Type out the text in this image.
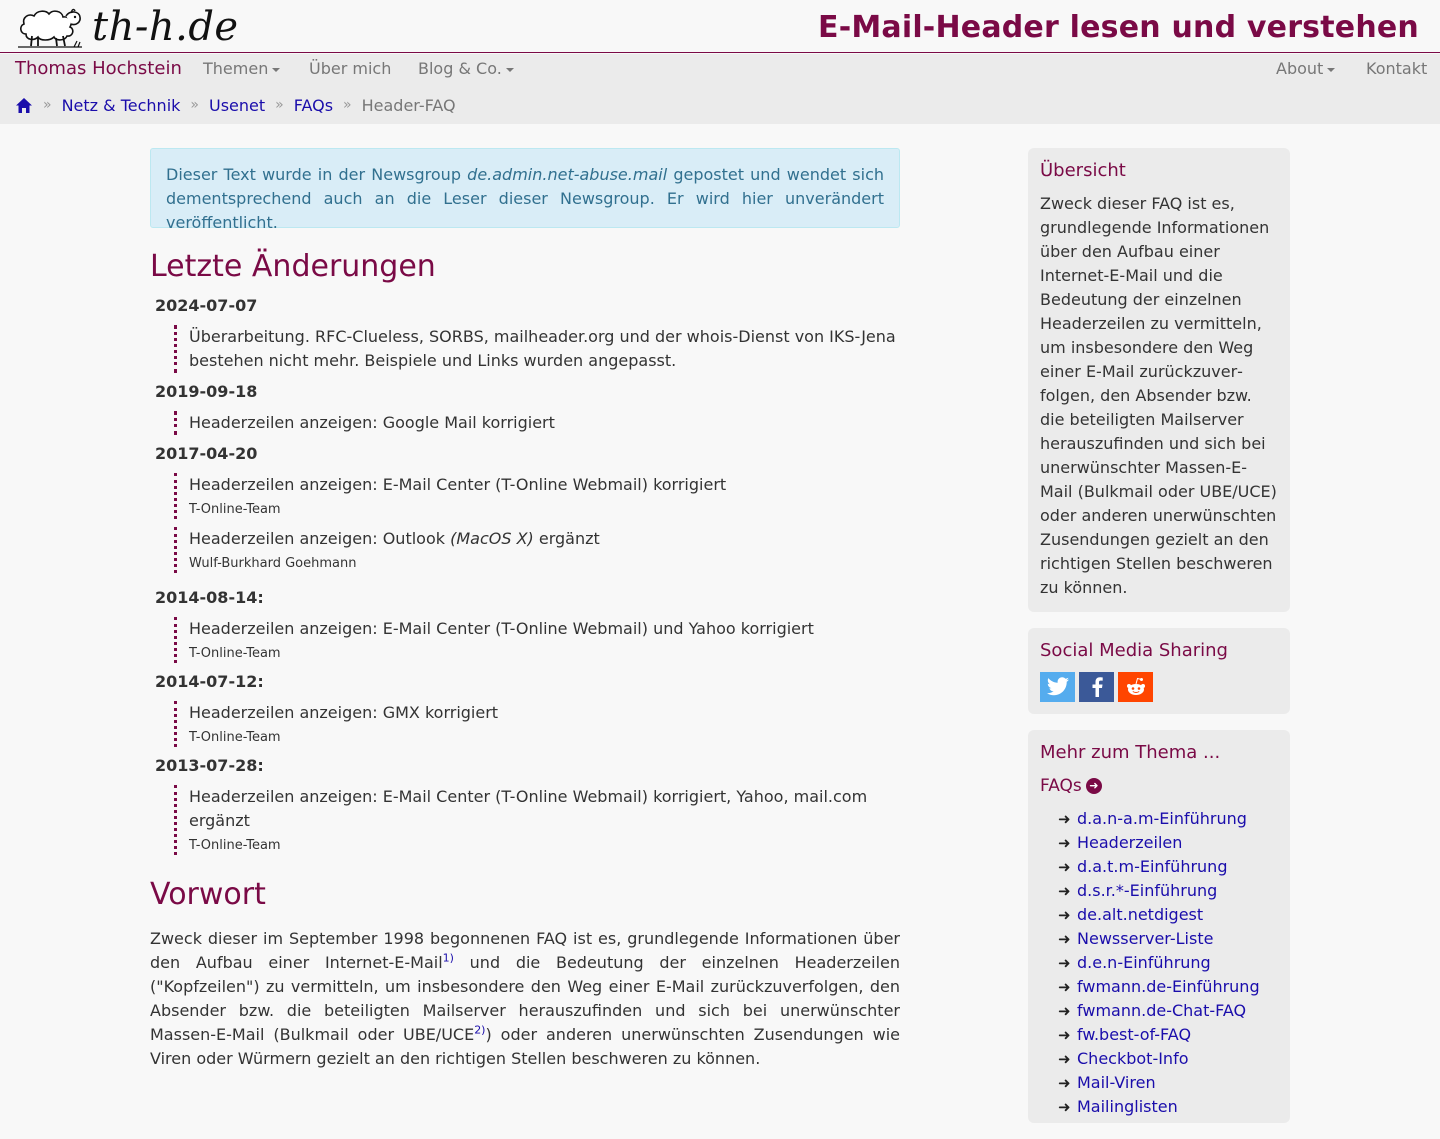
th-h.de	E-Mail-Header lesen und verstehen
Thomas Hochstein Themen	Über mich Blog & Co.	About	Kontakt
» Netz & Technik » Usenet » FAQs » Header-FAQ
Dieser Text wurde in der Newsgroup de.admin.net-abuse.mail gepostet und wendet sich dementsprechend auch an die Leser dieser Newsgroup. Er wird hier unverändert veröffentlicht.
Letzte Änderungen
2024-07-07
Überarbeitung. RFC-Clueless, SORBS, mailheader.org und der whois-Dienst von IKS-Jena bestehen nicht mehr. Beispiele und Links wurden angepasst.
2019-09-18
Headerzeilen anzeigen: Google Mail korrigiert
2017-04-20
Headerzeilen anzeigen: E-Mail Center (T-Online Webmail) korrigiert
T-Online-Team
Headerzeilen anzeigen: Outlook (MacOS X) ergänzt
Wulf-Burkhard Goehmann
2014-08-14:
Headerzeilen anzeigen: E-Mail Center (T-Online Webmail) und Yahoo korrigiert
T-Online-Team
2014-07-12:
Headerzeilen anzeigen: GMX korrigiert
T-Online-Team
2013-07-28:
Headerzeilen anzeigen: E-Mail Center (T-Online Webmail) korrigiert, Yahoo, mail.com ergänzt
T-Online-Team
Vorwort

Zweck dieser im September 1998 begonnenen FAQ ist es, grundlegende Informationen über den Aufbau einer Internet-E-Mail$^{1)}$ und die Bedeutung der einzelnen Headerzeilen ("Kopfzeilen") zu vermitteln, um insbesondere den Weg einer E-Mail zurückzuverfolgen, den Absender bzw. die beteiligten Mailserver herauszufinden und sich bei unerwünschter Massen-E-Mail (Bulkmail oder UBE/UCE$^{2)}$) oder anderen unerwünschten Zusendungen wie Viren oder Würmern gezielt an den richtigen Stellen beschweren zu können.

Übersicht

Zweck dieser FAQ ist es, grundlegende Informationen über den Aufbau einer Internet-E-Mail und die Bedeutung der einzelnen Headerzeilen zu vermitteln, um insbesondere den Weg einer E-Mail zurückzuverfolgen, den Absender bzw. die beteiligten Mailserver herauszufinden und sich bei unerwünschter Massen-E-Mail (Bulkmail oder UBE/UCE) oder anderen unerwünschten Zusendungen gezielt an den richtigen Stellen beschweren zu können.

Social Media Sharing
Mehr zum Thema ...
FAQs ➜
➜ d.a.n-a.m-Einführung
➜ Headerzeilen
➜ d.a.t.m-Einführung
➜ d.s.r.*-Einführung
➜ de.alt.netdigest
➜ Newsserver-Liste
➜ d.e.n-Einführung
➜ fwmann.de-Einführung
➜ fwmann.de-Chat-FAQ
➜ fw.best-of-FAQ
➜ Checkbot-Info
➜ Mail-Viren
➜ Mailinglisten
